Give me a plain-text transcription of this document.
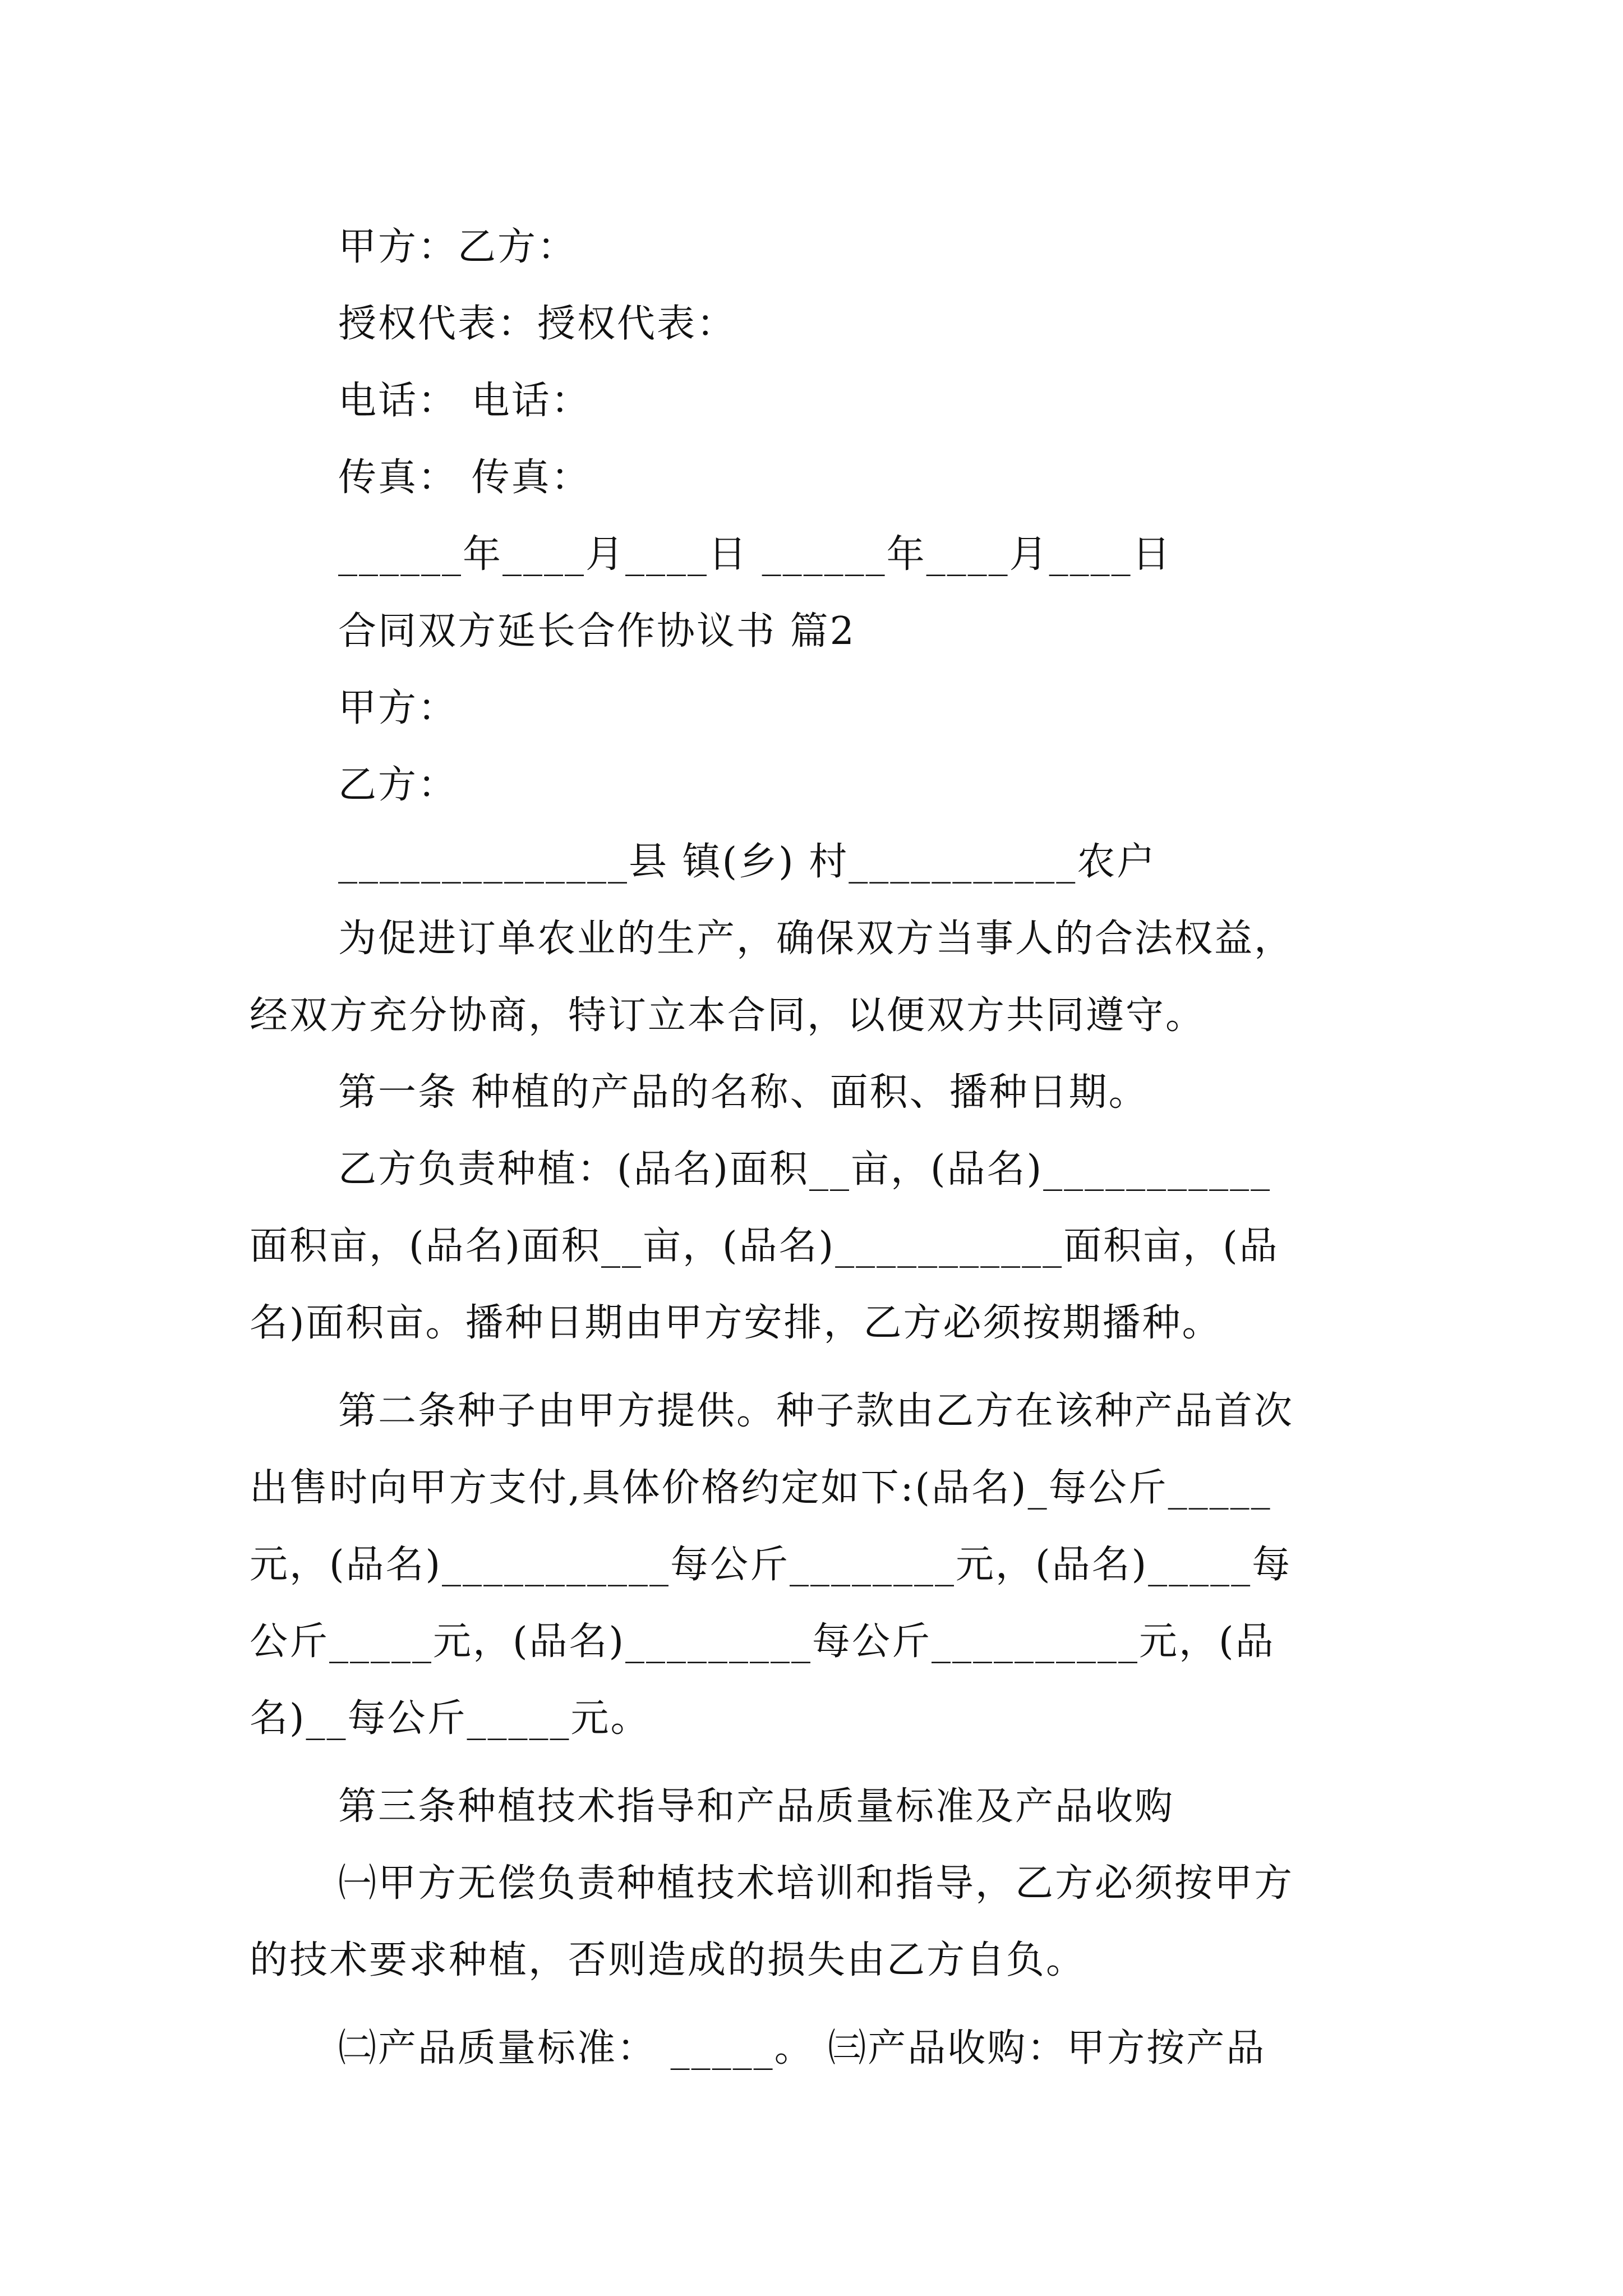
甲方：乙方：
授权代表：授权代表：
电话： 电话：
传真： 传真：
______年____月____日 ______年____月____日
合同双方延长合作协议书 篇2
甲方：
乙方：
______________县 镇(乡) 村___________农户
为促进订单农业的生产，确保双方当事人的合法权益，
经双方充分协商，特订立本合同，以便双方共同遵守。
第一条 种植的产品的名称、面积、播种日期。
乙方负责种植：(品名)面积__亩，(品名)___________
面积亩，(品名)面积__亩，(品名)___________面积亩，(品
名)面积亩。播种日期由甲方安排，乙方必须按期播种。
第二条种子由甲方提供。种子款由乙方在该种产品首次
出售时向甲方支付,具体价格约定如下:(品名)_每公斤_____
元，(品名)___________每公斤________元，(品名)_____每
公斤_____元，(品名)_________每公斤__________元，(品
名)__每公斤_____元。
第三条种植技术指导和产品质量标准及产品收购
㈠甲方无偿负责种植技术培训和指导，乙方必须按甲方
的技术要求种植，否则造成的损失由乙方自负。
㈡产品质量标准： _____。 ㈢产品收购：甲方按产品
